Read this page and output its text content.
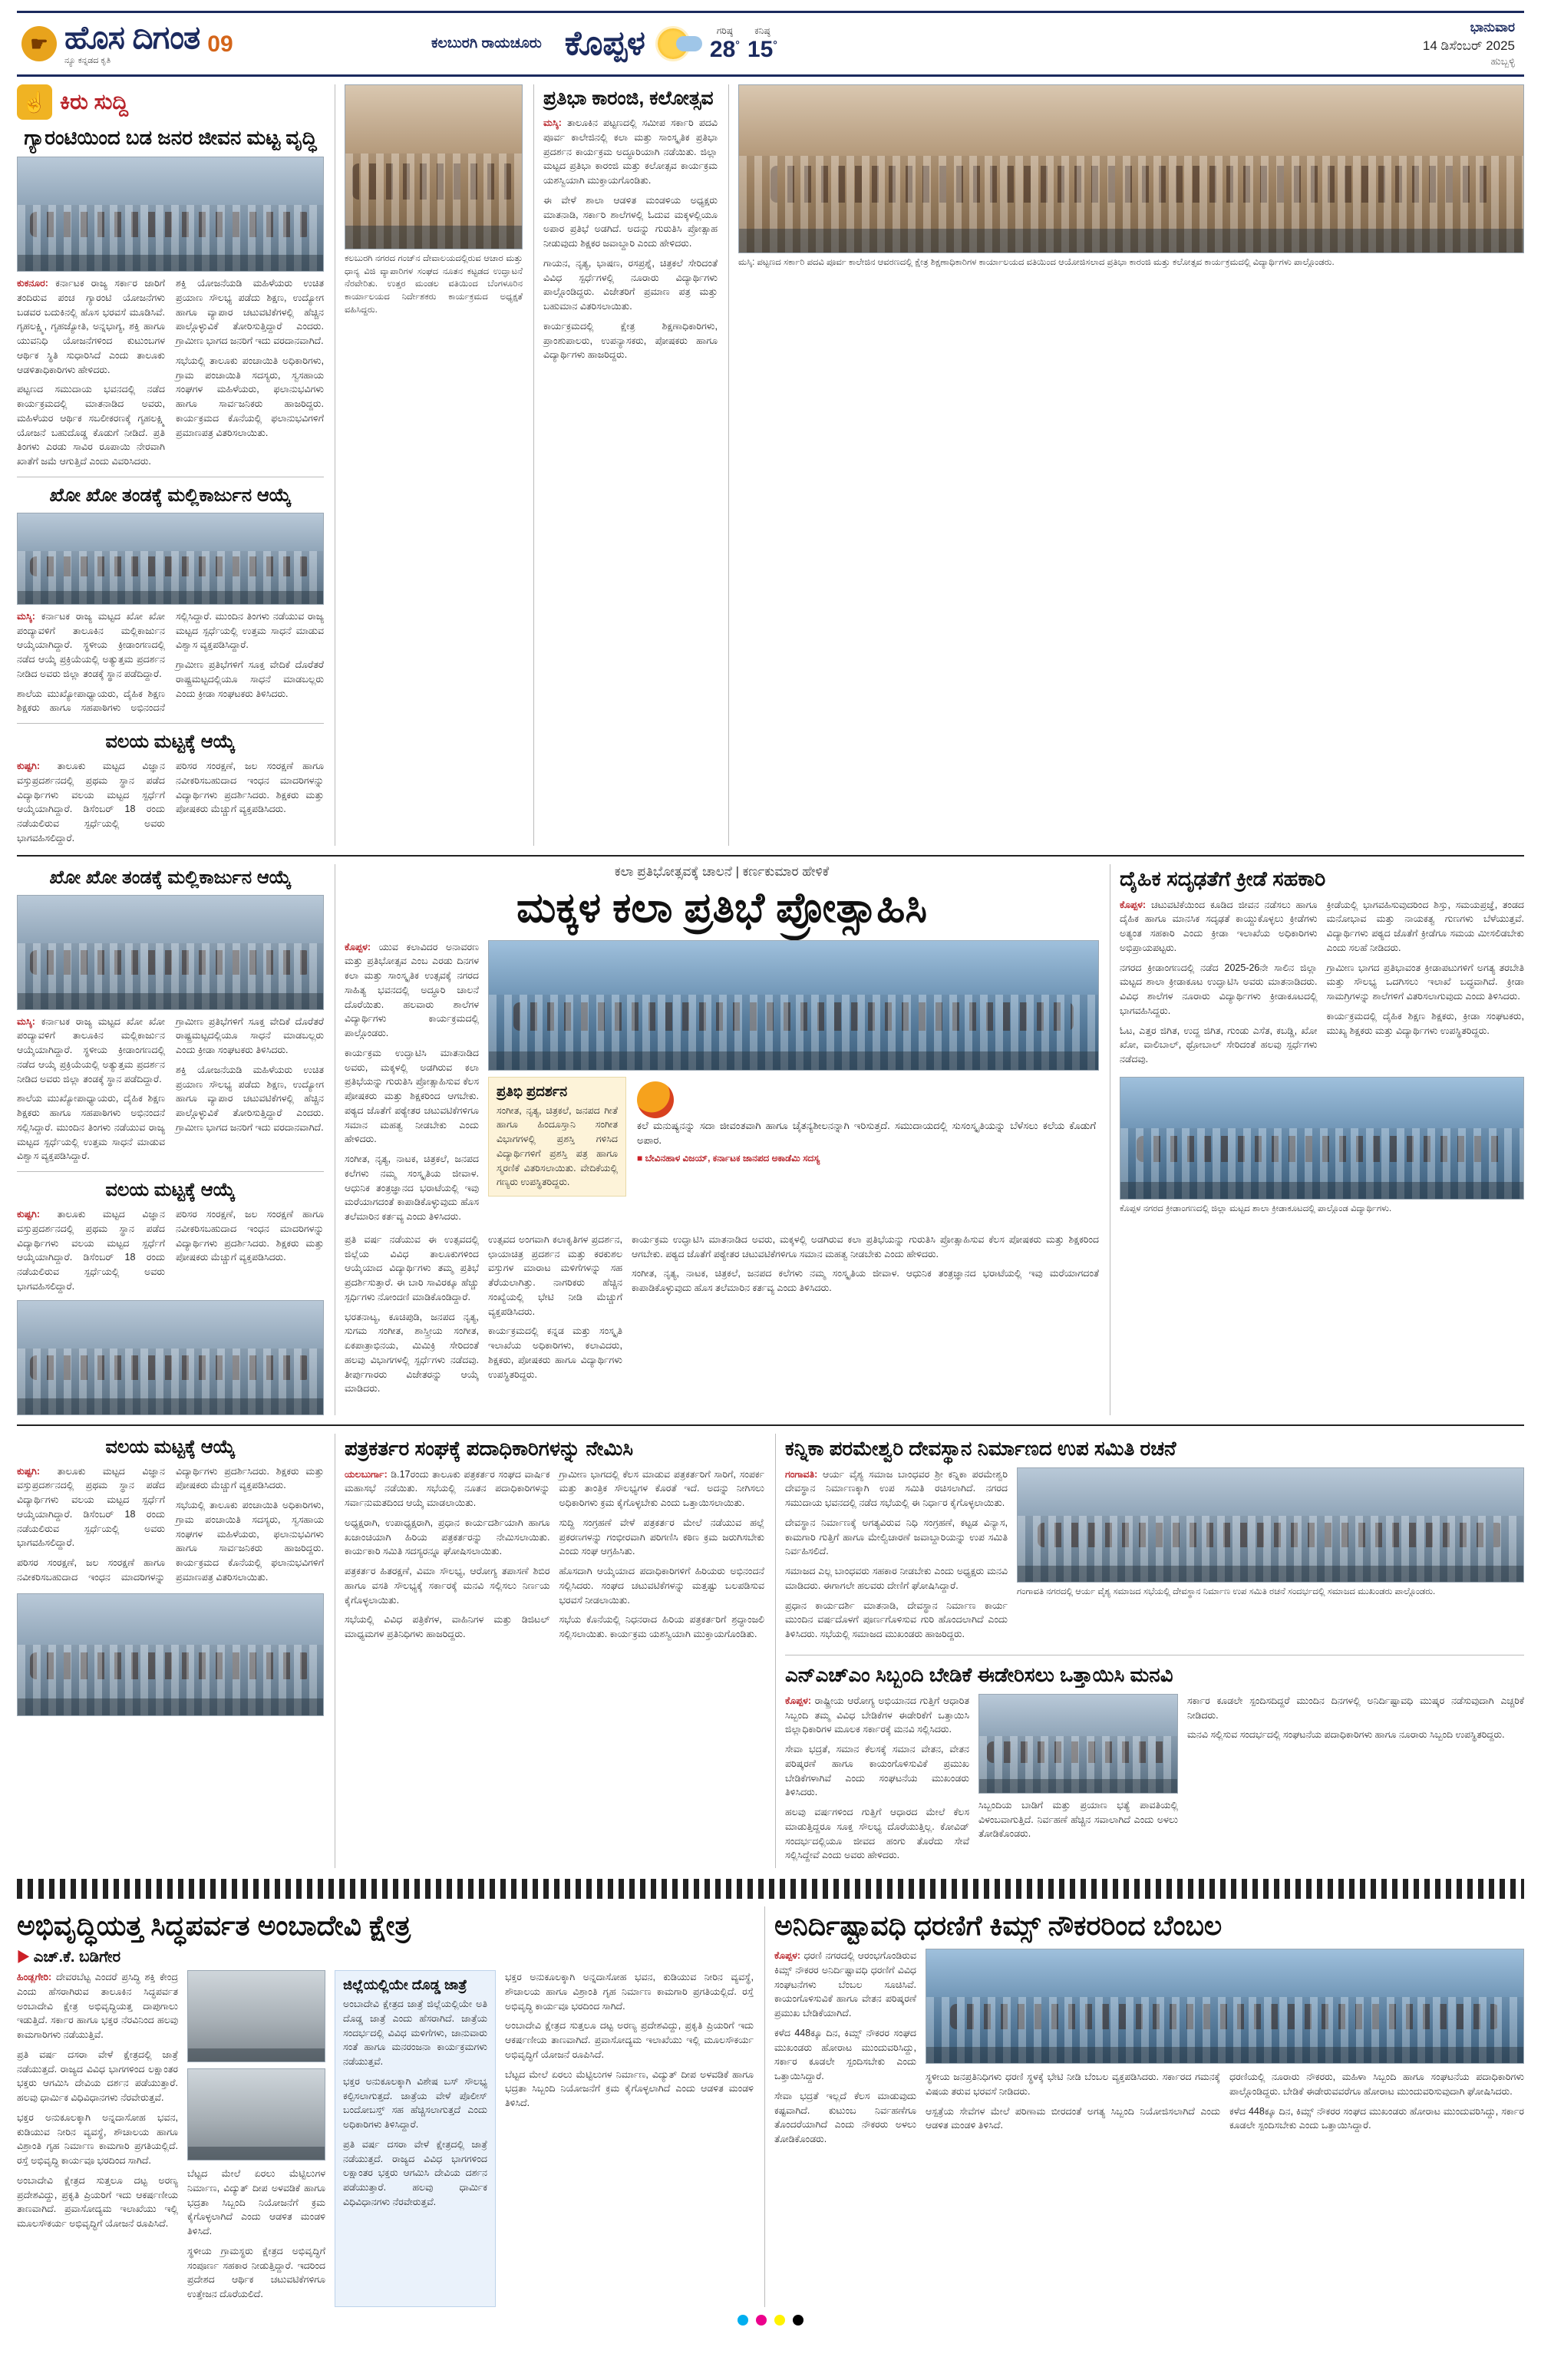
☛ ಹೊಸ ದಿಗಂತ
ನ್ಯೂ ಕನ್ನಡದ ಕೃತಿ
09	ಕಲಬುರಗಿ ರಾಯಚೂರು ಕೊಪ್ಪಳ	ಗರಿಷ್ಠ
28°
ಕನಿಷ್ಠ
15°
ಭಾನುವಾರ
14 ಡಿಸೆಂಬರ್ 2025
ಹುಬ್ಬಳ್ಳಿ
☝ ಕಿರು ಸುದ್ದಿ
ಗ್ಯಾರಂಟಿಯಿಂದ ಬಡ ಜನರ ಜೀವನ ಮಟ್ಟ ವೃದ್ಧಿ

ಕುಕನೂರ: ಕರ್ನಾಟಕ ರಾಜ್ಯ ಸರ್ಕಾರ ಜಾರಿಗೆ ತಂದಿರುವ ಪಂಚ ಗ್ಯಾರಂಟಿ ಯೋಜನೆಗಳು ಬಡವರ ಬದುಕಿನಲ್ಲಿ ಹೊಸ ಭರವಸೆ ಮೂಡಿಸಿವೆ. ಗೃಹಲಕ್ಷ್ಮಿ, ಗೃಹಜ್ಯೋತಿ, ಅನ್ನಭಾಗ್ಯ, ಶಕ್ತಿ ಹಾಗೂ ಯುವನಿಧಿ ಯೋಜನೆಗಳಿಂದ ಕುಟುಂಬಗಳ ಆರ್ಥಿಕ ಸ್ಥಿತಿ ಸುಧಾರಿಸಿದೆ ಎಂದು ತಾಲೂಕು ಆಡಳಿತಾಧಿಕಾರಿಗಳು ಹೇಳಿದರು.

ಪಟ್ಟಣದ ಸಮುದಾಯ ಭವನದಲ್ಲಿ ನಡೆದ ಕಾರ್ಯಕ್ರಮದಲ್ಲಿ ಮಾತನಾಡಿದ ಅವರು, ಮಹಿಳೆಯರ ಆರ್ಥಿಕ ಸಬಲೀಕರಣಕ್ಕೆ ಗೃಹಲಕ್ಷ್ಮಿ ಯೋಜನೆ ಬಹುದೊಡ್ಡ ಕೊಡುಗೆ ನೀಡಿದೆ. ಪ್ರತಿ ತಿಂಗಳು ಎರಡು ಸಾವಿರ ರೂಪಾಯಿ ನೇರವಾಗಿ ಖಾತೆಗೆ ಜಮೆ ಆಗುತ್ತಿದೆ ಎಂದು ವಿವರಿಸಿದರು.

ಶಕ್ತಿ ಯೋಜನೆಯಡಿ ಮಹಿಳೆಯರು ಉಚಿತ ಪ್ರಯಾಣ ಸೌಲಭ್ಯ ಪಡೆದು ಶಿಕ್ಷಣ, ಉದ್ಯೋಗ ಹಾಗೂ ವ್ಯಾಪಾರ ಚಟುವಟಿಕೆಗಳಲ್ಲಿ ಹೆಚ್ಚಿನ ಪಾಲ್ಗೊಳ್ಳುವಿಕೆ ತೋರಿಸುತ್ತಿದ್ದಾರೆ ಎಂದರು. ಗ್ರಾಮೀಣ ಭಾಗದ ಜನರಿಗೆ ಇದು ವರದಾನವಾಗಿದೆ.

ಸಭೆಯಲ್ಲಿ ತಾಲೂಕು ಪಂಚಾಯಿತಿ ಅಧಿಕಾರಿಗಳು, ಗ್ರಾಮ ಪಂಚಾಯಿತಿ ಸದಸ್ಯರು, ಸ್ವಸಹಾಯ ಸಂಘಗಳ ಮಹಿಳೆಯರು, ಫಲಾನುಭವಿಗಳು ಹಾಗೂ ಸಾರ್ವಜನಿಕರು ಹಾಜರಿದ್ದರು. ಕಾರ್ಯಕ್ರಮದ ಕೊನೆಯಲ್ಲಿ ಫಲಾನುಭವಿಗಳಿಗೆ ಪ್ರಮಾಣಪತ್ರ ವಿತರಿಸಲಾಯಿತು.

ಖೋ ಖೋ ತಂಡಕ್ಕೆ ಮಲ್ಲಿಕಾರ್ಜುನ ಆಯ್ಕೆ

ಮಸ್ಕಿ: ಕರ್ನಾಟಕ ರಾಜ್ಯ ಮಟ್ಟದ ಖೋ ಖೋ ಪಂದ್ಯಾವಳಿಗೆ ತಾಲೂಕಿನ ಮಲ್ಲಿಕಾರ್ಜುನ ಆಯ್ಕೆಯಾಗಿದ್ದಾರೆ. ಸ್ಥಳೀಯ ಕ್ರೀಡಾಂಗಣದಲ್ಲಿ ನಡೆದ ಆಯ್ಕೆ ಪ್ರಕ್ರಿಯೆಯಲ್ಲಿ ಅತ್ಯುತ್ತಮ ಪ್ರದರ್ಶನ ನೀಡಿದ ಅವರು ಜಿಲ್ಲಾ ತಂಡಕ್ಕೆ ಸ್ಥಾನ ಪಡೆದಿದ್ದಾರೆ.

ಶಾಲೆಯ ಮುಖ್ಯೋಪಾಧ್ಯಾಯರು, ದೈಹಿಕ ಶಿಕ್ಷಣ ಶಿಕ್ಷಕರು ಹಾಗೂ ಸಹಪಾಠಿಗಳು ಅಭಿನಂದನೆ ಸಲ್ಲಿಸಿದ್ದಾರೆ. ಮುಂದಿನ ತಿಂಗಳು ನಡೆಯುವ ರಾಜ್ಯ ಮಟ್ಟದ ಸ್ಪರ್ಧೆಯಲ್ಲಿ ಉತ್ತಮ ಸಾಧನೆ ಮಾಡುವ ವಿಶ್ವಾಸ ವ್ಯಕ್ತಪಡಿಸಿದ್ದಾರೆ.

ಗ್ರಾಮೀಣ ಪ್ರತಿಭೆಗಳಿಗೆ ಸೂಕ್ತ ವೇದಿಕೆ ದೊರೆತರೆ ರಾಷ್ಟ್ರಮಟ್ಟದಲ್ಲಿಯೂ ಸಾಧನೆ ಮಾಡಬಲ್ಲರು ಎಂದು ಕ್ರೀಡಾ ಸಂಘಟಕರು ತಿಳಿಸಿದರು.

ವಲಯ ಮಟ್ಟಕ್ಕೆ ಆಯ್ಕೆ

ಕುಷ್ಟಗಿ: ತಾಲೂಕು ಮಟ್ಟದ ವಿಜ್ಞಾನ ವಸ್ತುಪ್ರದರ್ಶನದಲ್ಲಿ ಪ್ರಥಮ ಸ್ಥಾನ ಪಡೆದ ವಿದ್ಯಾರ್ಥಿಗಳು ವಲಯ ಮಟ್ಟದ ಸ್ಪರ್ಧೆಗೆ ಆಯ್ಕೆಯಾಗಿದ್ದಾರೆ. ಡಿಸೆಂಬರ್ 18 ರಂದು ನಡೆಯಲಿರುವ ಸ್ಪರ್ಧೆಯಲ್ಲಿ ಅವರು ಭಾಗವಹಿಸಲಿದ್ದಾರೆ.

ಪರಿಸರ ಸಂರಕ್ಷಣೆ, ಜಲ ಸಂರಕ್ಷಣೆ ಹಾಗೂ ನವೀಕರಿಸಬಹುದಾದ ಇಂಧನ ಮಾದರಿಗಳನ್ನು ವಿದ್ಯಾರ್ಥಿಗಳು ಪ್ರದರ್ಶಿಸಿದರು. ಶಿಕ್ಷಕರು ಮತ್ತು ಪೋಷಕರು ಮೆಚ್ಚುಗೆ ವ್ಯಕ್ತಪಡಿಸಿದರು.

ಕಲಬುರಗಿ ನಗರದ ಗಂಜ್‌ನ ದೇವಾಲಯದಲ್ಲಿರುವ ಆಚಾರ ಮತ್ತು ಧಾನ್ಯ ವಿಜಿ ವ್ಯಾಪಾರಿಗಳ ಸಂಘದ ನೂತನ ಕಟ್ಟಡದ ಉದ್ಘಾಟನೆ ನೆರವೇರಿತು. ಉತ್ತರ ಮಂಡಲ ವತಿಯಿಂದ ಬೆಂಗಳೂರಿನ ಕಾರ್ಯಾಲಯದ ನಿರ್ದೇಶಕರು ಕಾರ್ಯಕ್ರಮದ ಅಧ್ಯಕ್ಷತೆ ವಹಿಸಿದ್ದರು.
ಪ್ರತಿಭಾ ಕಾರಂಜಿ, ಕಲೋತ್ಸವ

ಮಸ್ಕಿ: ತಾಲೂಕಿನ ಪಟ್ಟಣದಲ್ಲಿ ಸಮೀಪ ಸರ್ಕಾರಿ ಪದವಿ ಪೂರ್ವ ಕಾಲೇಜಿನಲ್ಲಿ ಕಲಾ ಮತ್ತು ಸಾಂಸ್ಕೃತಿಕ ಪ್ರತಿಭಾ ಪ್ರದರ್ಶನ ಕಾರ್ಯಕ್ರಮ ಅದ್ಧೂರಿಯಾಗಿ ನಡೆಯಿತು. ಜಿಲ್ಲಾ ಮಟ್ಟದ ಪ್ರತಿಭಾ ಕಾರಂಜಿ ಮತ್ತು ಕಲೋತ್ಸವ ಕಾರ್ಯಕ್ರಮ ಯಶಸ್ವಿಯಾಗಿ ಮುಕ್ತಾಯಗೊಂಡಿತು.

ಈ ವೇಳೆ ಶಾಲಾ ಆಡಳಿತ ಮಂಡಳಿಯ ಅಧ್ಯಕ್ಷರು ಮಾತನಾಡಿ, ಸರ್ಕಾರಿ ಶಾಲೆಗಳಲ್ಲಿ ಓದುವ ಮಕ್ಕಳಲ್ಲಿಯೂ ಅಪಾರ ಪ್ರತಿಭೆ ಅಡಗಿದೆ. ಅದನ್ನು ಗುರುತಿಸಿ ಪ್ರೋತ್ಸಾಹ ನೀಡುವುದು ಶಿಕ್ಷಕರ ಜವಾಬ್ದಾರಿ ಎಂದು ಹೇಳಿದರು.

ಗಾಯನ, ನೃತ್ಯ, ಭಾಷಣ, ರಸಪ್ರಶ್ನೆ, ಚಿತ್ರಕಲೆ ಸೇರಿದಂತೆ ವಿವಿಧ ಸ್ಪರ್ಧೆಗಳಲ್ಲಿ ನೂರಾರು ವಿದ್ಯಾರ್ಥಿಗಳು ಪಾಲ್ಗೊಂಡಿದ್ದರು. ವಿಜೇತರಿಗೆ ಪ್ರಮಾಣ ಪತ್ರ ಮತ್ತು ಬಹುಮಾನ ವಿತರಿಸಲಾಯಿತು.

ಕಾರ್ಯಕ್ರಮದಲ್ಲಿ ಕ್ಷೇತ್ರ ಶಿಕ್ಷಣಾಧಿಕಾರಿಗಳು, ಪ್ರಾಂಶುಪಾಲರು, ಉಪನ್ಯಾಸಕರು, ಪೋಷಕರು ಹಾಗೂ ವಿದ್ಯಾರ್ಥಿಗಳು ಹಾಜರಿದ್ದರು.

ಮಸ್ಕಿ: ಪಟ್ಟಣದ ಸರ್ಕಾರಿ ಪದವಿ ಪೂರ್ವ ಕಾಲೇಜಿನ ಆವರಣದಲ್ಲಿ ಕ್ಷೇತ್ರ ಶಿಕ್ಷಣಾಧಿಕಾರಿಗಳ ಕಾರ್ಯಾಲಯದ ವತಿಯಿಂದ ಆಯೋಜಿಸಲಾದ ಪ್ರತಿಭಾ ಕಾರಂಜಿ ಮತ್ತು ಕಲೋತ್ಸವ ಕಾರ್ಯಕ್ರಮದಲ್ಲಿ ವಿದ್ಯಾರ್ಥಿಗಳು ಪಾಲ್ಗೊಂಡರು.
ಖೋ ಖೋ ತಂಡಕ್ಕೆ ಮಲ್ಲಿಕಾರ್ಜುನ ಆಯ್ಕೆ

ಮಸ್ಕಿ: ಕರ್ನಾಟಕ ರಾಜ್ಯ ಮಟ್ಟದ ಖೋ ಖೋ ಪಂದ್ಯಾವಳಿಗೆ ತಾಲೂಕಿನ ಮಲ್ಲಿಕಾರ್ಜುನ ಆಯ್ಕೆಯಾಗಿದ್ದಾರೆ. ಸ್ಥಳೀಯ ಕ್ರೀಡಾಂಗಣದಲ್ಲಿ ನಡೆದ ಆಯ್ಕೆ ಪ್ರಕ್ರಿಯೆಯಲ್ಲಿ ಅತ್ಯುತ್ತಮ ಪ್ರದರ್ಶನ ನೀಡಿದ ಅವರು ಜಿಲ್ಲಾ ತಂಡಕ್ಕೆ ಸ್ಥಾನ ಪಡೆದಿದ್ದಾರೆ.

ಶಾಲೆಯ ಮುಖ್ಯೋಪಾಧ್ಯಾಯರು, ದೈಹಿಕ ಶಿಕ್ಷಣ ಶಿಕ್ಷಕರು ಹಾಗೂ ಸಹಪಾಠಿಗಳು ಅಭಿನಂದನೆ ಸಲ್ಲಿಸಿದ್ದಾರೆ. ಮುಂದಿನ ತಿಂಗಳು ನಡೆಯುವ ರಾಜ್ಯ ಮಟ್ಟದ ಸ್ಪರ್ಧೆಯಲ್ಲಿ ಉತ್ತಮ ಸಾಧನೆ ಮಾಡುವ ವಿಶ್ವಾಸ ವ್ಯಕ್ತಪಡಿಸಿದ್ದಾರೆ.

ಗ್ರಾಮೀಣ ಪ್ರತಿಭೆಗಳಿಗೆ ಸೂಕ್ತ ವೇದಿಕೆ ದೊರೆತರೆ ರಾಷ್ಟ್ರಮಟ್ಟದಲ್ಲಿಯೂ ಸಾಧನೆ ಮಾಡಬಲ್ಲರು ಎಂದು ಕ್ರೀಡಾ ಸಂಘಟಕರು ತಿಳಿಸಿದರು.

ಶಕ್ತಿ ಯೋಜನೆಯಡಿ ಮಹಿಳೆಯರು ಉಚಿತ ಪ್ರಯಾಣ ಸೌಲಭ್ಯ ಪಡೆದು ಶಿಕ್ಷಣ, ಉದ್ಯೋಗ ಹಾಗೂ ವ್ಯಾಪಾರ ಚಟುವಟಿಕೆಗಳಲ್ಲಿ ಹೆಚ್ಚಿನ ಪಾಲ್ಗೊಳ್ಳುವಿಕೆ ತೋರಿಸುತ್ತಿದ್ದಾರೆ ಎಂದರು. ಗ್ರಾಮೀಣ ಭಾಗದ ಜನರಿಗೆ ಇದು ವರದಾನವಾಗಿದೆ.

ವಲಯ ಮಟ್ಟಕ್ಕೆ ಆಯ್ಕೆ

ಕುಷ್ಟಗಿ: ತಾಲೂಕು ಮಟ್ಟದ ವಿಜ್ಞಾನ ವಸ್ತುಪ್ರದರ್ಶನದಲ್ಲಿ ಪ್ರಥಮ ಸ್ಥಾನ ಪಡೆದ ವಿದ್ಯಾರ್ಥಿಗಳು ವಲಯ ಮಟ್ಟದ ಸ್ಪರ್ಧೆಗೆ ಆಯ್ಕೆಯಾಗಿದ್ದಾರೆ. ಡಿಸೆಂಬರ್ 18 ರಂದು ನಡೆಯಲಿರುವ ಸ್ಪರ್ಧೆಯಲ್ಲಿ ಅವರು ಭಾಗವಹಿಸಲಿದ್ದಾರೆ.

ಪರಿಸರ ಸಂರಕ್ಷಣೆ, ಜಲ ಸಂರಕ್ಷಣೆ ಹಾಗೂ ನವೀಕರಿಸಬಹುದಾದ ಇಂಧನ ಮಾದರಿಗಳನ್ನು ವಿದ್ಯಾರ್ಥಿಗಳು ಪ್ರದರ್ಶಿಸಿದರು. ಶಿಕ್ಷಕರು ಮತ್ತು ಪೋಷಕರು ಮೆಚ್ಚುಗೆ ವ್ಯಕ್ತಪಡಿಸಿದರು.

ಕಲಾ ಪ್ರತಿಭೋತ್ಸವಕ್ಕೆ ಚಾಲನೆ | ಕರ್ಣಕುಮಾರ ಹೇಳಿಕೆ
ಮಕ್ಕಳ ಕಲಾ ಪ್ರತಿಭೆ ಪ್ರೋತ್ಸಾಹಿಸಿ

ಕೊಪ್ಪಳ: ಯುವ ಕಲಾವಿದರ ಅನಾವರಣ ಮತ್ತು ಪ್ರತಿಭೋತ್ಸವ ಎಂಬ ಎರಡು ದಿನಗಳ ಕಲಾ ಮತ್ತು ಸಾಂಸ್ಕೃತಿಕ ಉತ್ಸವಕ್ಕೆ ನಗರದ ಸಾಹಿತ್ಯ ಭವನದಲ್ಲಿ ಅದ್ಧೂರಿ ಚಾಲನೆ ದೊರೆಯಿತು. ಹಲವಾರು ಶಾಲೆಗಳ ವಿದ್ಯಾರ್ಥಿಗಳು ಕಾರ್ಯಕ್ರಮದಲ್ಲಿ ಪಾಲ್ಗೊಂಡರು.

ಕಾರ್ಯಕ್ರಮ ಉದ್ಘಾಟಿಸಿ ಮಾತನಾಡಿದ ಅವರು, ಮಕ್ಕಳಲ್ಲಿ ಅಡಗಿರುವ ಕಲಾ ಪ್ರತಿಭೆಯನ್ನು ಗುರುತಿಸಿ ಪ್ರೋತ್ಸಾಹಿಸುವ ಕೆಲಸ ಪೋಷಕರು ಮತ್ತು ಶಿಕ್ಷಕರಿಂದ ಆಗಬೇಕು. ಪಠ್ಯದ ಜೊತೆಗೆ ಪಠ್ಯೇತರ ಚಟುವಟಿಕೆಗಳಿಗೂ ಸಮಾನ ಮಹತ್ವ ನೀಡಬೇಕು ಎಂದು ಹೇಳಿದರು.

ಸಂಗೀತ, ನೃತ್ಯ, ನಾಟಕ, ಚಿತ್ರಕಲೆ, ಜನಪದ ಕಲೆಗಳು ನಮ್ಮ ಸಂಸ್ಕೃತಿಯ ಜೀವಾಳ. ಆಧುನಿಕ ತಂತ್ರಜ್ಞಾನದ ಭರಾಟೆಯಲ್ಲಿ ಇವು ಮರೆಯಾಗದಂತೆ ಕಾಪಾಡಿಕೊಳ್ಳುವುದು ಹೊಸ ತಲೆಮಾರಿನ ಕರ್ತವ್ಯ ಎಂದು ತಿಳಿಸಿದರು.

ಪ್ರತಿಭಿ ಪ್ರದರ್ಶನ

ಸಂಗೀತ, ನೃತ್ಯ, ಚಿತ್ರಕಲೆ, ಜನಪದ ಗೀತೆ ಹಾಗೂ ಹಿಂದೂಸ್ತಾನಿ ಸಂಗೀತ ವಿಭಾಗಗಳಲ್ಲಿ ಪ್ರಶಸ್ತಿ ಗಳಿಸಿದ ವಿದ್ಯಾರ್ಥಿಗಳಿಗೆ ಪ್ರಶಸ್ತಿ ಪತ್ರ ಹಾಗೂ ಸ್ಮರಣಿಕೆ ವಿತರಿಸಲಾಯಿತು. ವೇದಿಕೆಯಲ್ಲಿ ಗಣ್ಯರು ಉಪಸ್ಥಿತರಿದ್ದರು.

ಕಲೆ ಮನುಷ್ಯನನ್ನು ಸದಾ ಜೀವಂತವಾಗಿ ಹಾಗೂ ಚೈತನ್ಯಶೀಲನನ್ನಾಗಿ ಇರಿಸುತ್ತದೆ. ಸಮುದಾಯದಲ್ಲಿ ಸುಸಂಸ್ಕೃತಿಯನ್ನು ಬೆಳೆಸಲು ಕಲೆಯ ಕೊಡುಗೆ ಅಪಾರ.
■ ಬೇವಿನಹಾಳ ವಿಜಯ್, ಕರ್ನಾಟಕ ಜಾನಪದ ಅಕಾಡೆಮಿ ಸದಸ್ಯ

ಪ್ರತಿ ವರ್ಷ ನಡೆಯುವ ಈ ಉತ್ಸವದಲ್ಲಿ ಜಿಲ್ಲೆಯ ವಿವಿಧ ತಾಲೂಕುಗಳಿಂದ ಆಯ್ಕೆಯಾದ ವಿದ್ಯಾರ್ಥಿಗಳು ತಮ್ಮ ಪ್ರತಿಭೆ ಪ್ರದರ್ಶಿಸುತ್ತಾರೆ. ಈ ಬಾರಿ ಸಾವಿರಕ್ಕೂ ಹೆಚ್ಚು ಸ್ಪರ್ಧಿಗಳು ನೋಂದಣಿ ಮಾಡಿಕೊಂಡಿದ್ದಾರೆ.

ಭರತನಾಟ್ಯ, ಕೂಚಿಪುಡಿ, ಜನಪದ ನೃತ್ಯ, ಸುಗಮ ಸಂಗೀತ, ಶಾಸ್ತ್ರೀಯ ಸಂಗೀತ, ಏಕಪಾತ್ರಾಭಿನಯ, ಮಿಮಿಕ್ರಿ ಸೇರಿದಂತೆ ಹಲವು ವಿಭಾಗಗಳಲ್ಲಿ ಸ್ಪರ್ಧೆಗಳು ನಡೆದವು. ತೀರ್ಪುಗಾರರು ವಿಜೇತರನ್ನು ಆಯ್ಕೆ ಮಾಡಿದರು.

ಉತ್ಸವದ ಅಂಗವಾಗಿ ಕಲಾಕೃತಿಗಳ ಪ್ರದರ್ಶನ, ಛಾಯಾಚಿತ್ರ ಪ್ರದರ್ಶನ ಮತ್ತು ಕರಕುಶಲ ವಸ್ತುಗಳ ಮಾರಾಟ ಮಳಿಗೆಗಳನ್ನು ಸಹ ತೆರೆಯಲಾಗಿತ್ತು. ನಾಗರಿಕರು ಹೆಚ್ಚಿನ ಸಂಖ್ಯೆಯಲ್ಲಿ ಭೇಟಿ ನೀಡಿ ಮೆಚ್ಚುಗೆ ವ್ಯಕ್ತಪಡಿಸಿದರು.

ಕಾರ್ಯಕ್ರಮದಲ್ಲಿ ಕನ್ನಡ ಮತ್ತು ಸಂಸ್ಕೃತಿ ಇಲಾಖೆಯ ಅಧಿಕಾರಿಗಳು, ಕಲಾವಿದರು, ಶಿಕ್ಷಕರು, ಪೋಷಕರು ಹಾಗೂ ವಿದ್ಯಾರ್ಥಿಗಳು ಉಪಸ್ಥಿತರಿದ್ದರು.

ಕಾರ್ಯಕ್ರಮ ಉದ್ಘಾಟಿಸಿ ಮಾತನಾಡಿದ ಅವರು, ಮಕ್ಕಳಲ್ಲಿ ಅಡಗಿರುವ ಕಲಾ ಪ್ರತಿಭೆಯನ್ನು ಗುರುತಿಸಿ ಪ್ರೋತ್ಸಾಹಿಸುವ ಕೆಲಸ ಪೋಷಕರು ಮತ್ತು ಶಿಕ್ಷಕರಿಂದ ಆಗಬೇಕು. ಪಠ್ಯದ ಜೊತೆಗೆ ಪಠ್ಯೇತರ ಚಟುವಟಿಕೆಗಳಿಗೂ ಸಮಾನ ಮಹತ್ವ ನೀಡಬೇಕು ಎಂದು ಹೇಳಿದರು.

ಸಂಗೀತ, ನೃತ್ಯ, ನಾಟಕ, ಚಿತ್ರಕಲೆ, ಜನಪದ ಕಲೆಗಳು ನಮ್ಮ ಸಂಸ್ಕೃತಿಯ ಜೀವಾಳ. ಆಧುನಿಕ ತಂತ್ರಜ್ಞಾನದ ಭರಾಟೆಯಲ್ಲಿ ಇವು ಮರೆಯಾಗದಂತೆ ಕಾಪಾಡಿಕೊಳ್ಳುವುದು ಹೊಸ ತಲೆಮಾರಿನ ಕರ್ತವ್ಯ ಎಂದು ತಿಳಿಸಿದರು.

ದೈಹಿಕ ಸದೃಢತೆಗೆ ಕ್ರೀಡೆ ಸಹಕಾರಿ

ಕೊಪ್ಪಳ: ಚಟುವಟಿಕೆಯಿಂದ ಕೂಡಿದ ಜೀವನ ನಡೆಸಲು ಹಾಗೂ ದೈಹಿಕ ಹಾಗೂ ಮಾನಸಿಕ ಸದೃಢತೆ ಕಾಯ್ದುಕೊಳ್ಳಲು ಕ್ರೀಡೆಗಳು ಅತ್ಯಂತ ಸಹಕಾರಿ ಎಂದು ಕ್ರೀಡಾ ಇಲಾಖೆಯ ಅಧಿಕಾರಿಗಳು ಅಭಿಪ್ರಾಯಪಟ್ಟರು.

ನಗರದ ಕ್ರೀಡಾಂಗಣದಲ್ಲಿ ನಡೆದ 2025-26ನೇ ಸಾಲಿನ ಜಿಲ್ಲಾ ಮಟ್ಟದ ಶಾಲಾ ಕ್ರೀಡಾಕೂಟ ಉದ್ಘಾಟಿಸಿ ಅವರು ಮಾತನಾಡಿದರು. ವಿವಿಧ ಶಾಲೆಗಳ ನೂರಾರು ವಿದ್ಯಾರ್ಥಿಗಳು ಕ್ರೀಡಾಕೂಟದಲ್ಲಿ ಭಾಗವಹಿಸಿದ್ದರು.

ಓಟ, ಎತ್ತರ ಜಿಗಿತ, ಉದ್ದ ಜಿಗಿತ, ಗುಂಡು ಎಸೆತ, ಕಬಡ್ಡಿ, ಖೋ ಖೋ, ವಾಲಿಬಾಲ್, ಥ್ರೋಬಾಲ್ ಸೇರಿದಂತೆ ಹಲವು ಸ್ಪರ್ಧೆಗಳು ನಡೆದವು.

ಕ್ರೀಡೆಯಲ್ಲಿ ಭಾಗವಹಿಸುವುದರಿಂದ ಶಿಸ್ತು, ಸಮಯಪ್ರಜ್ಞೆ, ತಂಡದ ಮನೋಭಾವ ಮತ್ತು ನಾಯಕತ್ವ ಗುಣಗಳು ಬೆಳೆಯುತ್ತವೆ. ವಿದ್ಯಾರ್ಥಿಗಳು ಪಠ್ಯದ ಜೊತೆಗೆ ಕ್ರೀಡೆಗೂ ಸಮಯ ಮೀಸಲಿಡಬೇಕು ಎಂದು ಸಲಹೆ ನೀಡಿದರು.

ಗ್ರಾಮೀಣ ಭಾಗದ ಪ್ರತಿಭಾವಂತ ಕ್ರೀಡಾಪಟುಗಳಿಗೆ ಅಗತ್ಯ ತರಬೇತಿ ಮತ್ತು ಸೌಲಭ್ಯ ಒದಗಿಸಲು ಇಲಾಖೆ ಬದ್ಧವಾಗಿದೆ. ಕ್ರೀಡಾ ಸಾಮಗ್ರಿಗಳನ್ನು ಶಾಲೆಗಳಿಗೆ ವಿತರಿಸಲಾಗುವುದು ಎಂದು ತಿಳಿಸಿದರು.

ಕಾರ್ಯಕ್ರಮದಲ್ಲಿ ದೈಹಿಕ ಶಿಕ್ಷಣ ಶಿಕ್ಷಕರು, ಕ್ರೀಡಾ ಸಂಘಟಕರು, ಮುಖ್ಯ ಶಿಕ್ಷಕರು ಮತ್ತು ವಿದ್ಯಾರ್ಥಿಗಳು ಉಪಸ್ಥಿತರಿದ್ದರು.

ಕೊಪ್ಪಳ ನಗರದ ಕ್ರೀಡಾಂಗಣದಲ್ಲಿ ಜಿಲ್ಲಾ ಮಟ್ಟದ ಶಾಲಾ ಕ್ರೀಡಾಕೂಟದಲ್ಲಿ ಪಾಲ್ಗೊಂಡ ವಿದ್ಯಾರ್ಥಿಗಳು.
ವಲಯ ಮಟ್ಟಕ್ಕೆ ಆಯ್ಕೆ

ಕುಷ್ಟಗಿ: ತಾಲೂಕು ಮಟ್ಟದ ವಿಜ್ಞಾನ ವಸ್ತುಪ್ರದರ್ಶನದಲ್ಲಿ ಪ್ರಥಮ ಸ್ಥಾನ ಪಡೆದ ವಿದ್ಯಾರ್ಥಿಗಳು ವಲಯ ಮಟ್ಟದ ಸ್ಪರ್ಧೆಗೆ ಆಯ್ಕೆಯಾಗಿದ್ದಾರೆ. ಡಿಸೆಂಬರ್ 18 ರಂದು ನಡೆಯಲಿರುವ ಸ್ಪರ್ಧೆಯಲ್ಲಿ ಅವರು ಭಾಗವಹಿಸಲಿದ್ದಾರೆ.

ಪರಿಸರ ಸಂರಕ್ಷಣೆ, ಜಲ ಸಂರಕ್ಷಣೆ ಹಾಗೂ ನವೀಕರಿಸಬಹುದಾದ ಇಂಧನ ಮಾದರಿಗಳನ್ನು ವಿದ್ಯಾರ್ಥಿಗಳು ಪ್ರದರ್ಶಿಸಿದರು. ಶಿಕ್ಷಕರು ಮತ್ತು ಪೋಷಕರು ಮೆಚ್ಚುಗೆ ವ್ಯಕ್ತಪಡಿಸಿದರು.

ಸಭೆಯಲ್ಲಿ ತಾಲೂಕು ಪಂಚಾಯಿತಿ ಅಧಿಕಾರಿಗಳು, ಗ್ರಾಮ ಪಂಚಾಯಿತಿ ಸದಸ್ಯರು, ಸ್ವಸಹಾಯ ಸಂಘಗಳ ಮಹಿಳೆಯರು, ಫಲಾನುಭವಿಗಳು ಹಾಗೂ ಸಾರ್ವಜನಿಕರು ಹಾಜರಿದ್ದರು. ಕಾರ್ಯಕ್ರಮದ ಕೊನೆಯಲ್ಲಿ ಫಲಾನುಭವಿಗಳಿಗೆ ಪ್ರಮಾಣಪತ್ರ ವಿತರಿಸಲಾಯಿತು.

ಪತ್ರಕರ್ತರ ಸಂಘಕ್ಕೆ ಪದಾಧಿಕಾರಿಗಳನ್ನು ನೇಮಿಸಿ

ಯಲಬುರ್ಗಾ: ಡಿ.17ರಂದು ತಾಲೂಕು ಪತ್ರಕರ್ತರ ಸಂಘದ ವಾರ್ಷಿಕ ಮಹಾಸಭೆ ನಡೆಯಿತು. ಸಭೆಯಲ್ಲಿ ನೂತನ ಪದಾಧಿಕಾರಿಗಳನ್ನು ಸರ್ವಾನುಮತದಿಂದ ಆಯ್ಕೆ ಮಾಡಲಾಯಿತು.

ಅಧ್ಯಕ್ಷರಾಗಿ, ಉಪಾಧ್ಯಕ್ಷರಾಗಿ, ಪ್ರಧಾನ ಕಾರ್ಯದರ್ಶಿಯಾಗಿ ಹಾಗೂ ಖಜಾಂಚಿಯಾಗಿ ಹಿರಿಯ ಪತ್ರಕರ್ತರನ್ನು ನೇಮಿಸಲಾಯಿತು. ಕಾರ್ಯಕಾರಿ ಸಮಿತಿ ಸದಸ್ಯರನ್ನೂ ಘೋಷಿಸಲಾಯಿತು.

ಪತ್ರಕರ್ತರ ಹಿತರಕ್ಷಣೆ, ವಿಮಾ ಸೌಲಭ್ಯ, ಆರೋಗ್ಯ ತಪಾಸಣೆ ಶಿಬಿರ ಹಾಗೂ ವಸತಿ ಸೌಲಭ್ಯಕ್ಕೆ ಸರ್ಕಾರಕ್ಕೆ ಮನವಿ ಸಲ್ಲಿಸಲು ನಿರ್ಣಯ ಕೈಗೊಳ್ಳಲಾಯಿತು.

ಸಭೆಯಲ್ಲಿ ವಿವಿಧ ಪತ್ರಿಕೆಗಳ, ವಾಹಿನಿಗಳ ಮತ್ತು ಡಿಜಿಟಲ್ ಮಾಧ್ಯಮಗಳ ಪ್ರತಿನಿಧಿಗಳು ಹಾಜರಿದ್ದರು.

ಗ್ರಾಮೀಣ ಭಾಗದಲ್ಲಿ ಕೆಲಸ ಮಾಡುವ ಪತ್ರಕರ್ತರಿಗೆ ಸಾರಿಗೆ, ಸಂಪರ್ಕ ಮತ್ತು ತಾಂತ್ರಿಕ ಸೌಲಭ್ಯಗಳ ಕೊರತೆ ಇದೆ. ಅದನ್ನು ನೀಗಿಸಲು ಅಧಿಕಾರಿಗಳು ಕ್ರಮ ಕೈಗೊಳ್ಳಬೇಕು ಎಂದು ಒತ್ತಾಯಿಸಲಾಯಿತು.

ಸುದ್ದಿ ಸಂಗ್ರಹಣೆ ವೇಳೆ ಪತ್ರಕರ್ತರ ಮೇಲೆ ನಡೆಯುವ ಹಲ್ಲೆ ಪ್ರಕರಣಗಳನ್ನು ಗಂಭೀರವಾಗಿ ಪರಿಗಣಿಸಿ ಕಠಿಣ ಕ್ರಮ ಜರುಗಿಸಬೇಕು ಎಂದು ಸಂಘ ಆಗ್ರಹಿಸಿತು.

ಹೊಸದಾಗಿ ಆಯ್ಕೆಯಾದ ಪದಾಧಿಕಾರಿಗಳಿಗೆ ಹಿರಿಯರು ಅಭಿನಂದನೆ ಸಲ್ಲಿಸಿದರು. ಸಂಘದ ಚಟುವಟಿಕೆಗಳನ್ನು ಮತ್ತಷ್ಟು ಬಲಪಡಿಸುವ ಭರವಸೆ ನೀಡಲಾಯಿತು.

ಸಭೆಯ ಕೊನೆಯಲ್ಲಿ ನಿಧನರಾದ ಹಿರಿಯ ಪತ್ರಕರ್ತರಿಗೆ ಶ್ರದ್ಧಾಂಜಲಿ ಸಲ್ಲಿಸಲಾಯಿತು. ಕಾರ್ಯಕ್ರಮ ಯಶಸ್ವಿಯಾಗಿ ಮುಕ್ತಾಯಗೊಂಡಿತು.

ಕನ್ನಿಕಾ ಪರಮೇಶ್ವರಿ ದೇವಸ್ಥಾನ ನಿರ್ಮಾಣದ ಉಪ ಸಮಿತಿ ರಚನೆ

ಗಂಗಾವತಿ: ಆರ್ಯ ವೈಶ್ಯ ಸಮಾಜ ಬಾಂಧವರ ಶ್ರೀ ಕನ್ನಿಕಾ ಪರಮೇಶ್ವರಿ ದೇವಸ್ಥಾನ ನಿರ್ಮಾಣಕ್ಕಾಗಿ ಉಪ ಸಮಿತಿ ರಚಿಸಲಾಗಿದೆ. ನಗರದ ಸಮುದಾಯ ಭವನದಲ್ಲಿ ನಡೆದ ಸಭೆಯಲ್ಲಿ ಈ ನಿರ್ಧಾರ ಕೈಗೊಳ್ಳಲಾಯಿತು.

ದೇವಸ್ಥಾನ ನಿರ್ಮಾಣಕ್ಕೆ ಅಗತ್ಯವಿರುವ ನಿಧಿ ಸಂಗ್ರಹಣೆ, ಕಟ್ಟಡ ವಿನ್ಯಾಸ, ಕಾಮಗಾರಿ ಗುತ್ತಿಗೆ ಹಾಗೂ ಮೇಲ್ವಿಚಾರಣೆ ಜವಾಬ್ದಾರಿಯನ್ನು ಉಪ ಸಮಿತಿ ನಿರ್ವಹಿಸಲಿದೆ.

ಸಮಾಜದ ಎಲ್ಲ ಬಾಂಧವರು ಸಹಕಾರ ನೀಡಬೇಕು ಎಂದು ಅಧ್ಯಕ್ಷರು ಮನವಿ ಮಾಡಿದರು. ಈಗಾಗಲೇ ಹಲವರು ದೇಣಿಗೆ ಘೋಷಿಸಿದ್ದಾರೆ.

ಪ್ರಧಾನ ಕಾರ್ಯದರ್ಶಿ ಮಾತನಾಡಿ, ದೇವಸ್ಥಾನ ನಿರ್ಮಾಣ ಕಾರ್ಯ ಮುಂದಿನ ವರ್ಷದೊಳಗೆ ಪೂರ್ಣಗೊಳಿಸುವ ಗುರಿ ಹೊಂದಲಾಗಿದೆ ಎಂದು ತಿಳಿಸಿದರು. ಸಭೆಯಲ್ಲಿ ಸಮಾಜದ ಮುಖಂಡರು ಹಾಜರಿದ್ದರು.

ಗಂಗಾವತಿ ನಗರದಲ್ಲಿ ಆರ್ಯ ವೈಶ್ಯ ಸಮಾಜದ ಸಭೆಯಲ್ಲಿ ದೇವಸ್ಥಾನ ನಿರ್ಮಾಣ ಉಪ ಸಮಿತಿ ರಚನೆ ಸಂದರ್ಭದಲ್ಲಿ ಸಮಾಜದ ಮುಖಂಡರು ಪಾಲ್ಗೊಂಡರು.
ಎನ್‌ಎಚ್‌ಎಂ ಸಿಬ್ಬಂದಿ ಬೇಡಿಕೆ ಈಡೇರಿಸಲು ಒತ್ತಾಯಿಸಿ ಮನವಿ

ಕೊಪ್ಪಳ: ರಾಷ್ಟ್ರೀಯ ಆರೋಗ್ಯ ಅಭಿಯಾನದ ಗುತ್ತಿಗೆ ಆಧಾರಿತ ಸಿಬ್ಬಂದಿ ತಮ್ಮ ವಿವಿಧ ಬೇಡಿಕೆಗಳ ಈಡೇರಿಕೆಗೆ ಒತ್ತಾಯಿಸಿ ಜಿಲ್ಲಾಧಿಕಾರಿಗಳ ಮೂಲಕ ಸರ್ಕಾರಕ್ಕೆ ಮನವಿ ಸಲ್ಲಿಸಿದರು.

ಸೇವಾ ಭದ್ರತೆ, ಸಮಾನ ಕೆಲಸಕ್ಕೆ ಸಮಾನ ವೇತನ, ವೇತನ ಪರಿಷ್ಕರಣೆ ಹಾಗೂ ಕಾಯಂಗೊಳಿಸುವಿಕೆ ಪ್ರಮುಖ ಬೇಡಿಕೆಗಳಾಗಿವೆ ಎಂದು ಸಂಘಟನೆಯ ಮುಖಂಡರು ತಿಳಿಸಿದರು.

ಹಲವು ವರ್ಷಗಳಿಂದ ಗುತ್ತಿಗೆ ಆಧಾರದ ಮೇಲೆ ಕೆಲಸ ಮಾಡುತ್ತಿದ್ದರೂ ಸೂಕ್ತ ಸೌಲಭ್ಯ ದೊರೆಯುತ್ತಿಲ್ಲ. ಕೋವಿಡ್ ಸಂದರ್ಭದಲ್ಲಿಯೂ ಜೀವದ ಹಂಗು ತೊರೆದು ಸೇವೆ ಸಲ್ಲಿಸಿದ್ದೇವೆ ಎಂದು ಅವರು ಹೇಳಿದರು.

ಸಿಬ್ಬಂದಿಯ ಬಾಡಿಗೆ ಮತ್ತು ಪ್ರಯಾಣ ಭತ್ಯೆ ಪಾವತಿಯಲ್ಲಿ ವಿಳಂಬವಾಗುತ್ತಿದೆ. ನಿರ್ವಹಣೆ ಹೆಚ್ಚಿನ ಸವಾಲಾಗಿದೆ ಎಂದು ಅಳಲು ತೋಡಿಕೊಂಡರು.

ಸರ್ಕಾರ ಕೂಡಲೇ ಸ್ಪಂದಿಸದಿದ್ದರೆ ಮುಂದಿನ ದಿನಗಳಲ್ಲಿ ಅನಿರ್ದಿಷ್ಟಾವಧಿ ಮುಷ್ಕರ ನಡೆಸುವುದಾಗಿ ಎಚ್ಚರಿಕೆ ನೀಡಿದರು.

ಮನವಿ ಸಲ್ಲಿಸುವ ಸಂದರ್ಭದಲ್ಲಿ ಸಂಘಟನೆಯ ಪದಾಧಿಕಾರಿಗಳು ಹಾಗೂ ನೂರಾರು ಸಿಬ್ಬಂದಿ ಉಪಸ್ಥಿತರಿದ್ದರು.

ಅಭಿವೃದ್ಧಿಯತ್ತ ಸಿದ್ಧಪರ್ವತ ಅಂಬಾದೇವಿ ಕ್ಷೇತ್ರ
▶ ಎಚ್.ಕೆ. ಬಡಿಗೇರ

ಹಿಂಡ್ಲಗೇರಿ: ದೇವರಬೆಟ್ಟ ಎಂದರೆ ಪ್ರಸಿದ್ಧಿ ಶಕ್ತಿ ಕೇಂದ್ರ ಎಂದು ಹೆಸರಾಗಿರುವ ತಾಲೂಕಿನ ಸಿದ್ಧಪರ್ವತ ಅಂಬಾದೇವಿ ಕ್ಷೇತ್ರ ಅಭಿವೃದ್ಧಿಯತ್ತ ದಾಪುಗಾಲು ಇಡುತ್ತಿದೆ. ಸರ್ಕಾರ ಹಾಗೂ ಭಕ್ತರ ನೆರವಿನಿಂದ ಹಲವು ಕಾಮಗಾರಿಗಳು ನಡೆಯುತ್ತಿವೆ.

ಪ್ರತಿ ವರ್ಷ ದಸರಾ ವೇಳೆ ಕ್ಷೇತ್ರದಲ್ಲಿ ಜಾತ್ರೆ ನಡೆಯುತ್ತದೆ. ರಾಜ್ಯದ ವಿವಿಧ ಭಾಗಗಳಿಂದ ಲಕ್ಷಾಂತರ ಭಕ್ತರು ಆಗಮಿಸಿ ದೇವಿಯ ದರ್ಶನ ಪಡೆಯುತ್ತಾರೆ. ಹಲವು ಧಾರ್ಮಿಕ ವಿಧಿವಿಧಾನಗಳು ನೆರವೇರುತ್ತವೆ.

ಭಕ್ತರ ಅನುಕೂಲಕ್ಕಾಗಿ ಅನ್ನದಾಸೋಹ ಭವನ, ಕುಡಿಯುವ ನೀರಿನ ವ್ಯವಸ್ಥೆ, ಶೌಚಾಲಯ ಹಾಗೂ ವಿಶ್ರಾಂತಿ ಗೃಹ ನಿರ್ಮಾಣ ಕಾಮಗಾರಿ ಪ್ರಗತಿಯಲ್ಲಿದೆ. ರಸ್ತೆ ಅಭಿವೃದ್ಧಿ ಕಾರ್ಯವೂ ಭರದಿಂದ ಸಾಗಿದೆ.

ಅಂಬಾದೇವಿ ಕ್ಷೇತ್ರದ ಸುತ್ತಲೂ ದಟ್ಟ ಅರಣ್ಯ ಪ್ರದೇಶವಿದ್ದು, ಪ್ರಕೃತಿ ಪ್ರಿಯರಿಗೆ ಇದು ಆಕರ್ಷಣೀಯ ತಾಣವಾಗಿದೆ. ಪ್ರವಾಸೋದ್ಯಮ ಇಲಾಖೆಯು ಇಲ್ಲಿ ಮೂಲಸೌಕರ್ಯ ಅಭಿವೃದ್ಧಿಗೆ ಯೋಜನೆ ರೂಪಿಸಿದೆ.

ಬೆಟ್ಟದ ಮೇಲೆ ಏರಲು ಮೆಟ್ಟಿಲುಗಳ ನಿರ್ಮಾಣ, ವಿದ್ಯುತ್ ದೀಪ ಅಳವಡಿಕೆ ಹಾಗೂ ಭದ್ರತಾ ಸಿಬ್ಬಂದಿ ನಿಯೋಜನೆಗೆ ಕ್ರಮ ಕೈಗೊಳ್ಳಲಾಗಿದೆ ಎಂದು ಆಡಳಿತ ಮಂಡಳಿ ತಿಳಿಸಿದೆ.

ಸ್ಥಳೀಯ ಗ್ರಾಮಸ್ಥರು ಕ್ಷೇತ್ರದ ಅಭಿವೃದ್ಧಿಗೆ ಸಂಪೂರ್ಣ ಸಹಕಾರ ನೀಡುತ್ತಿದ್ದಾರೆ. ಇದರಿಂದ ಪ್ರದೇಶದ ಆರ್ಥಿಕ ಚಟುವಟಿಕೆಗಳಿಗೂ ಉತ್ತೇಜನ ದೊರೆಯಲಿದೆ.

ಜಿಲ್ಲೆಯಲ್ಲಿಯೇ ದೊಡ್ಡ ಜಾತ್ರೆ

ಅಂಬಾದೇವಿ ಕ್ಷೇತ್ರದ ಜಾತ್ರೆ ಜಿಲ್ಲೆಯಲ್ಲಿಯೇ ಅತಿ ದೊಡ್ಡ ಜಾತ್ರೆ ಎಂದು ಹೆಸರಾಗಿದೆ. ಜಾತ್ರೆಯ ಸಂದರ್ಭದಲ್ಲಿ ವಿವಿಧ ಮಳಿಗೆಗಳು, ಜಾನುವಾರು ಸಂತೆ ಹಾಗೂ ಮನರಂಜನಾ ಕಾರ್ಯಕ್ರಮಗಳು ನಡೆಯುತ್ತವೆ.

ಭಕ್ತರ ಅನುಕೂಲಕ್ಕಾಗಿ ವಿಶೇಷ ಬಸ್ ಸೌಲಭ್ಯ ಕಲ್ಪಿಸಲಾಗುತ್ತದೆ. ಜಾತ್ರೆಯ ವೇಳೆ ಪೊಲೀಸ್ ಬಂದೋಬಸ್ತ್ ಸಹ ಹೆಚ್ಚಿಸಲಾಗುತ್ತದೆ ಎಂದು ಅಧಿಕಾರಿಗಳು ತಿಳಿಸಿದ್ದಾರೆ.

ಪ್ರತಿ ವರ್ಷ ದಸರಾ ವೇಳೆ ಕ್ಷೇತ್ರದಲ್ಲಿ ಜಾತ್ರೆ ನಡೆಯುತ್ತದೆ. ರಾಜ್ಯದ ವಿವಿಧ ಭಾಗಗಳಿಂದ ಲಕ್ಷಾಂತರ ಭಕ್ತರು ಆಗಮಿಸಿ ದೇವಿಯ ದರ್ಶನ ಪಡೆಯುತ್ತಾರೆ. ಹಲವು ಧಾರ್ಮಿಕ ವಿಧಿವಿಧಾನಗಳು ನೆರವೇರುತ್ತವೆ.

ಭಕ್ತರ ಅನುಕೂಲಕ್ಕಾಗಿ ಅನ್ನದಾಸೋಹ ಭವನ, ಕುಡಿಯುವ ನೀರಿನ ವ್ಯವಸ್ಥೆ, ಶೌಚಾಲಯ ಹಾಗೂ ವಿಶ್ರಾಂತಿ ಗೃಹ ನಿರ್ಮಾಣ ಕಾಮಗಾರಿ ಪ್ರಗತಿಯಲ್ಲಿದೆ. ರಸ್ತೆ ಅಭಿವೃದ್ಧಿ ಕಾರ್ಯವೂ ಭರದಿಂದ ಸಾಗಿದೆ.

ಅಂಬಾದೇವಿ ಕ್ಷೇತ್ರದ ಸುತ್ತಲೂ ದಟ್ಟ ಅರಣ್ಯ ಪ್ರದೇಶವಿದ್ದು, ಪ್ರಕೃತಿ ಪ್ರಿಯರಿಗೆ ಇದು ಆಕರ್ಷಣೀಯ ತಾಣವಾಗಿದೆ. ಪ್ರವಾಸೋದ್ಯಮ ಇಲಾಖೆಯು ಇಲ್ಲಿ ಮೂಲಸೌಕರ್ಯ ಅಭಿವೃದ್ಧಿಗೆ ಯೋಜನೆ ರೂಪಿಸಿದೆ.

ಬೆಟ್ಟದ ಮೇಲೆ ಏರಲು ಮೆಟ್ಟಿಲುಗಳ ನಿರ್ಮಾಣ, ವಿದ್ಯುತ್ ದೀಪ ಅಳವಡಿಕೆ ಹಾಗೂ ಭದ್ರತಾ ಸಿಬ್ಬಂದಿ ನಿಯೋಜನೆಗೆ ಕ್ರಮ ಕೈಗೊಳ್ಳಲಾಗಿದೆ ಎಂದು ಆಡಳಿತ ಮಂಡಳಿ ತಿಳಿಸಿದೆ.

ಅನಿರ್ದಿಷ್ಟಾವಧಿ ಧರಣಿಗೆ ಕಿಮ್ಸ್ ನೌಕರರಿಂದ ಬೆಂಬಲ

ಕೊಪ್ಪಳ: ಧರಣಿ ನಗರದಲ್ಲಿ ಆರಂಭಗೊಂಡಿರುವ ಕಿಮ್ಸ್ ನೌಕರರ ಅನಿರ್ದಿಷ್ಟಾವಧಿ ಧರಣಿಗೆ ವಿವಿಧ ಸಂಘಟನೆಗಳು ಬೆಂಬಲ ಸೂಚಿಸಿವೆ. ಕಾಯಂಗೊಳಿಸುವಿಕೆ ಹಾಗೂ ವೇತನ ಪರಿಷ್ಕರಣೆ ಪ್ರಮುಖ ಬೇಡಿಕೆಯಾಗಿದೆ.

ಕಳೆದ 448ಕ್ಕೂ ದಿನ, ಕಿಮ್ಸ್ ನೌಕರರ ಸಂಘದ ಮುಖಂಡರು ಹೋರಾಟ ಮುಂದುವರಿಸಿದ್ದು, ಸರ್ಕಾರ ಕೂಡಲೇ ಸ್ಪಂದಿಸಬೇಕು ಎಂದು ಒತ್ತಾಯಿಸಿದ್ದಾರೆ.

ಸೇವಾ ಭದ್ರತೆ ಇಲ್ಲದೆ ಕೆಲಸ ಮಾಡುವುದು ಕಷ್ಟವಾಗಿದೆ. ಕುಟುಂಬ ನಿರ್ವಹಣೆಗೂ ತೊಂದರೆಯಾಗಿದೆ ಎಂದು ನೌಕರರು ಅಳಲು ತೋಡಿಕೊಂಡರು.

ಸ್ಥಳೀಯ ಜನಪ್ರತಿನಿಧಿಗಳು ಧರಣಿ ಸ್ಥಳಕ್ಕೆ ಭೇಟಿ ನೀಡಿ ಬೆಂಬಲ ವ್ಯಕ್ತಪಡಿಸಿದರು. ಸರ್ಕಾರದ ಗಮನಕ್ಕೆ ವಿಷಯ ತರುವ ಭರವಸೆ ನೀಡಿದರು.

ಆಸ್ಪತ್ರೆಯ ಸೇವೆಗಳ ಮೇಲೆ ಪರಿಣಾಮ ಬೀರದಂತೆ ಅಗತ್ಯ ಸಿಬ್ಬಂದಿ ನಿಯೋಜಿಸಲಾಗಿದೆ ಎಂದು ಆಡಳಿತ ಮಂಡಳಿ ತಿಳಿಸಿದೆ.

ಧರಣಿಯಲ್ಲಿ ನೂರಾರು ನೌಕರರು, ಮಹಿಳಾ ಸಿಬ್ಬಂದಿ ಹಾಗೂ ಸಂಘಟನೆಯ ಪದಾಧಿಕಾರಿಗಳು ಪಾಲ್ಗೊಂಡಿದ್ದರು. ಬೇಡಿಕೆ ಈಡೇರುವವರೆಗೂ ಹೋರಾಟ ಮುಂದುವರಿಸುವುದಾಗಿ ಘೋಷಿಸಿದರು.

ಕಳೆದ 448ಕ್ಕೂ ದಿನ, ಕಿಮ್ಸ್ ನೌಕರರ ಸಂಘದ ಮುಖಂಡರು ಹೋರಾಟ ಮುಂದುವರಿಸಿದ್ದು, ಸರ್ಕಾರ ಕೂಡಲೇ ಸ್ಪಂದಿಸಬೇಕು ಎಂದು ಒತ್ತಾಯಿಸಿದ್ದಾರೆ.
